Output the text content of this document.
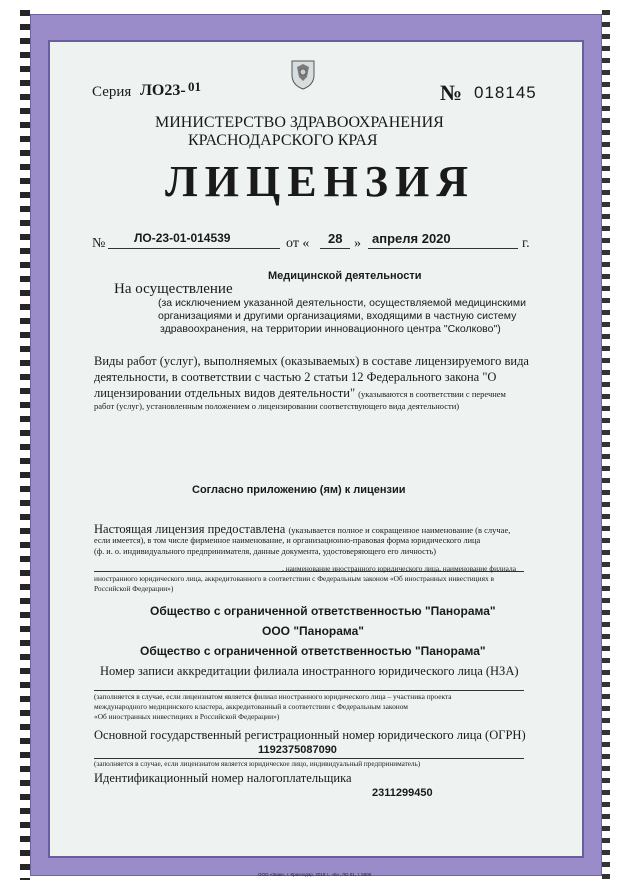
Серия ЛО23- 01	№ 018145
МИНИСТЕРСТВО ЗДРАВООХРАНЕНИЯ
КРАСНОДАРСКОГО КРАЯ
ЛИЦЕНЗИЯ
№ ЛО-23-01-014539	от « 28 » апреля 2020	г.
Медицинской деятельности
На осуществление
(за исключением указанной деятельности, осуществляемой медицинскими
организациями и другими организациями, входящими в частную систему
здравоохранения, на территории инновационного центра "Сколково")
Виды работ (услуг), выполняемых (оказываемых) в составе лицензируемого вида
деятельности, в соответствии с частью 2 статьи 12 Федерального закона "О
лицензировании отдельных видов деятельности" (указываются в соответствии с перечнем
работ (услуг), установленным положением о лицензировании соответствующего вида деятельности)
Согласно приложению (ям) к лицензии
Настоящая лицензия предоставлена (указывается полное и сокращенное наименование (в случае,
если имеется), в том числе фирменное наименование, и организационно-правовая форма юридического лица
(ф. и. о. индивидуального предпринимателя, данные документа, удостоверяющего его личность)
, наименование иностранного юридического лица, наименование филиала
иностранного юридического лица, аккредитованного в соответствии с Федеральным законом «Об иностранных инвестициях в
Российской Федерации»)
Общество с ограниченной ответственностью "Панорама"
ООО "Панорама"
Общество с ограниченной ответственностью "Панорама"
Номер записи аккредитации филиала иностранного юридического лица (НЗА)
(заполняется в случае, если лицензиатом является филиал иностранного юридического лица – участника проекта
международного медицинского кластера, аккредитованный в соответствии с Федеральным законом
«Об иностранных инвестициях в Российской Федерации»)
Основной государственный регистрационный номер юридического лица (ОГРН)
1192375087090
(заполняется в случае, если лицензиатом является юридическое лицо, индивидуальный предприниматель)
Идентификационный номер налогоплательщика
2311299450
ООО «Знак», г. Краснодар, 2019 г., «Б», ЛО 01, т. 5000
